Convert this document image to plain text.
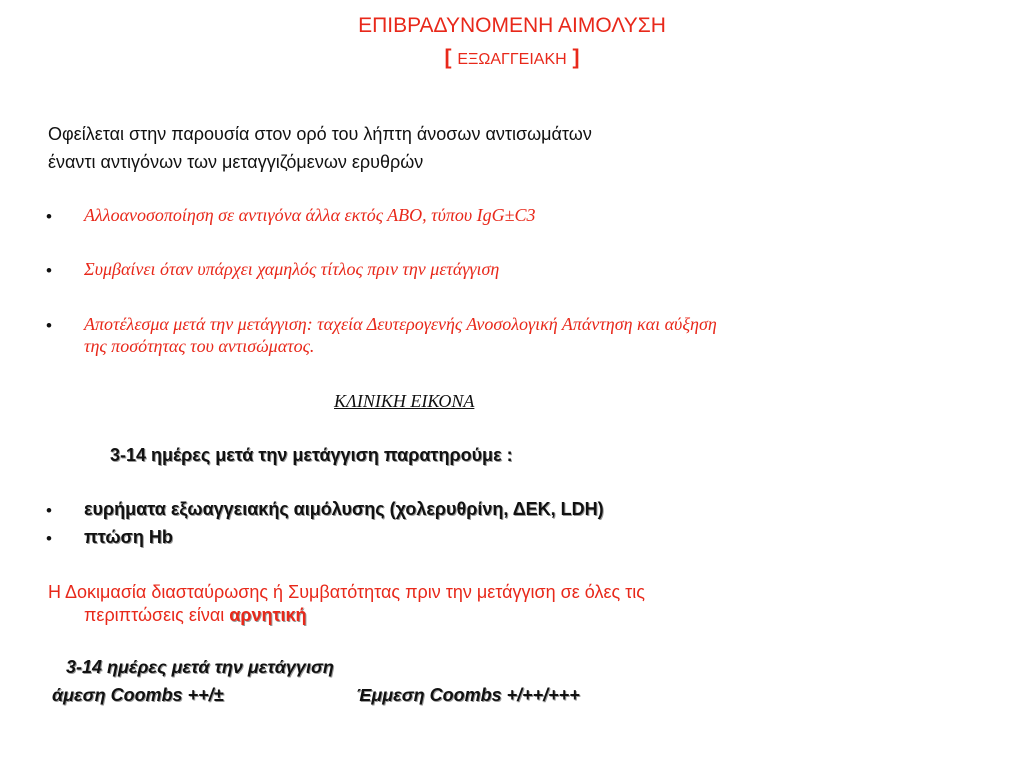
ΕΠΙΒΡΑΔΥΝΟΜΕΝΗ ΑΙΜΟΛΥΣΗ
[ ΕΞΩΑΓΓΕΙΑΚΗ ]
Οφείλεται στην παρουσία στον ορό του λήπτη άνοσων αντισωμάτων
έναντι αντιγόνων των μεταγγιζόμενων ερυθρών
• Αλλοανοσοποίηση σε αντιγόνα άλλα εκτός ΑΒΟ, τύπου IgG±C3
• Συμβαίνει όταν υπάρχει χαμηλός τίτλος πριν την μετάγγιση
• Αποτέλεσμα μετά την μετάγγιση: ταχεία Δευτερογενής Ανοσολογική Απάντηση και αύξηση
της ποσότητας του αντισώματος.
ΚΛΙΝΙΚΗ ΕΙΚΟΝΑ
3-14 ημέρες μετά την μετάγγιση παρατηρούμε :
• ευρήματα εξωαγγειακής αιμόλυσης (χολερυθρίνη, ΔΕΚ, LDH)
• πτώση Hb
Η Δοκιμασία διασταύρωσης ή Συμβατότητας πριν την μετάγγιση σε όλες τις
περιπτώσεις είναι αρνητική
3-14 ημέρες μετά την μετάγγιση
άμεση Coombs ++/±	Έμμεση Coombs +/++/+++
